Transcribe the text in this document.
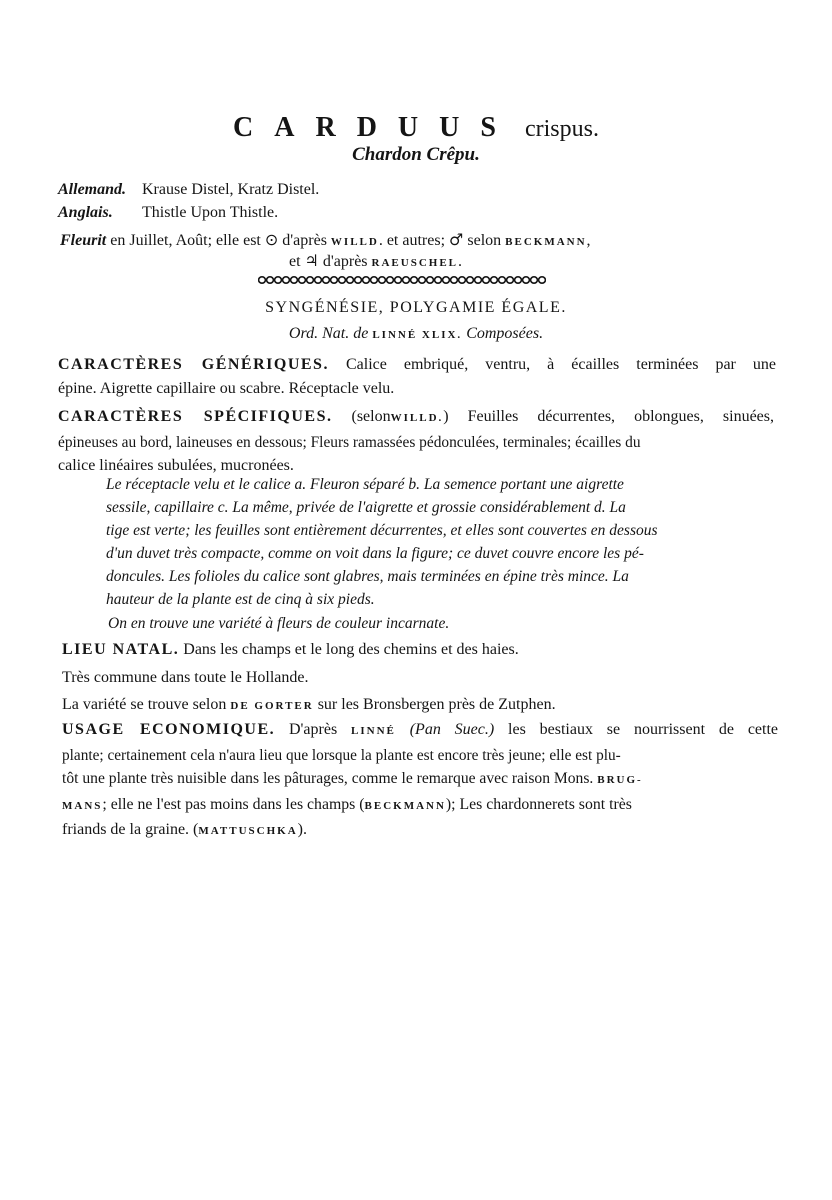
CARDUUS crispus.
Chardon Crêpu.
Allemand. Krause Distel, Kratz Distel.
Anglais. Thistle Upon Thistle.
Fleurit en Juillet, Août; elle est ⊙ d'après WILLD. et autres; ♂ selon BECKMANN,
et ♃ d'après RAEUSCHEL.
SYNGÉNÉSIE, POLYGAMIE ÉGALE.
Ord. Nat. de LINNÉ XLIX. Composées.
CARACTÈRES GÉNÉRIQUES. Calice embriqué, ventru, à écailles terminées par une
épine. Aigrette capillaire ou scabre. Réceptacle velu.
CARACTÈRES SPÉCIFIQUES. (selonWILLD.) Feuilles décurrentes, oblongues, sinuées,
épineuses au bord, laineuses en dessous; Fleurs ramassées pédonculées, terminales; écailles du
calice linéaires subulées, mucronées.
Le réceptacle velu et le calice a. Fleuron séparé b. La semence portant une aigrette
sessile, capillaire c. La même, privée de l'aigrette et grossie considérablement d. La
tige est verte; les feuilles sont entièrement décurrentes, et elles sont couvertes en dessous
d'un duvet très compacte, comme on voit dans la figure; ce duvet couvre encore les pé-
doncules. Les folioles du calice sont glabres, mais terminées en épine très mince. La
hauteur de la plante est de cinq à six pieds.
On en trouve une variété à fleurs de couleur incarnate.
LIEU NATAL. Dans les champs et le long des chemins et des haies.
Très commune dans toute le Hollande.
La variété se trouve selon DE GORTER sur les Bronsbergen près de Zutphen.
USAGE ECONOMIQUE. D'après LINNÉ (Pan Suec.) les bestiaux se nourrissent de cette
plante; certainement cela n'aura lieu que lorsque la plante est encore très jeune; elle est plu-
tôt une plante très nuisible dans les pâturages, comme le remarque avec raison Mons. BRUG-
MANS; elle ne l'est pas moins dans les champs (BECKMANN); Les chardonnerets sont très
friands de la graine. (MATTUSCHKA).
